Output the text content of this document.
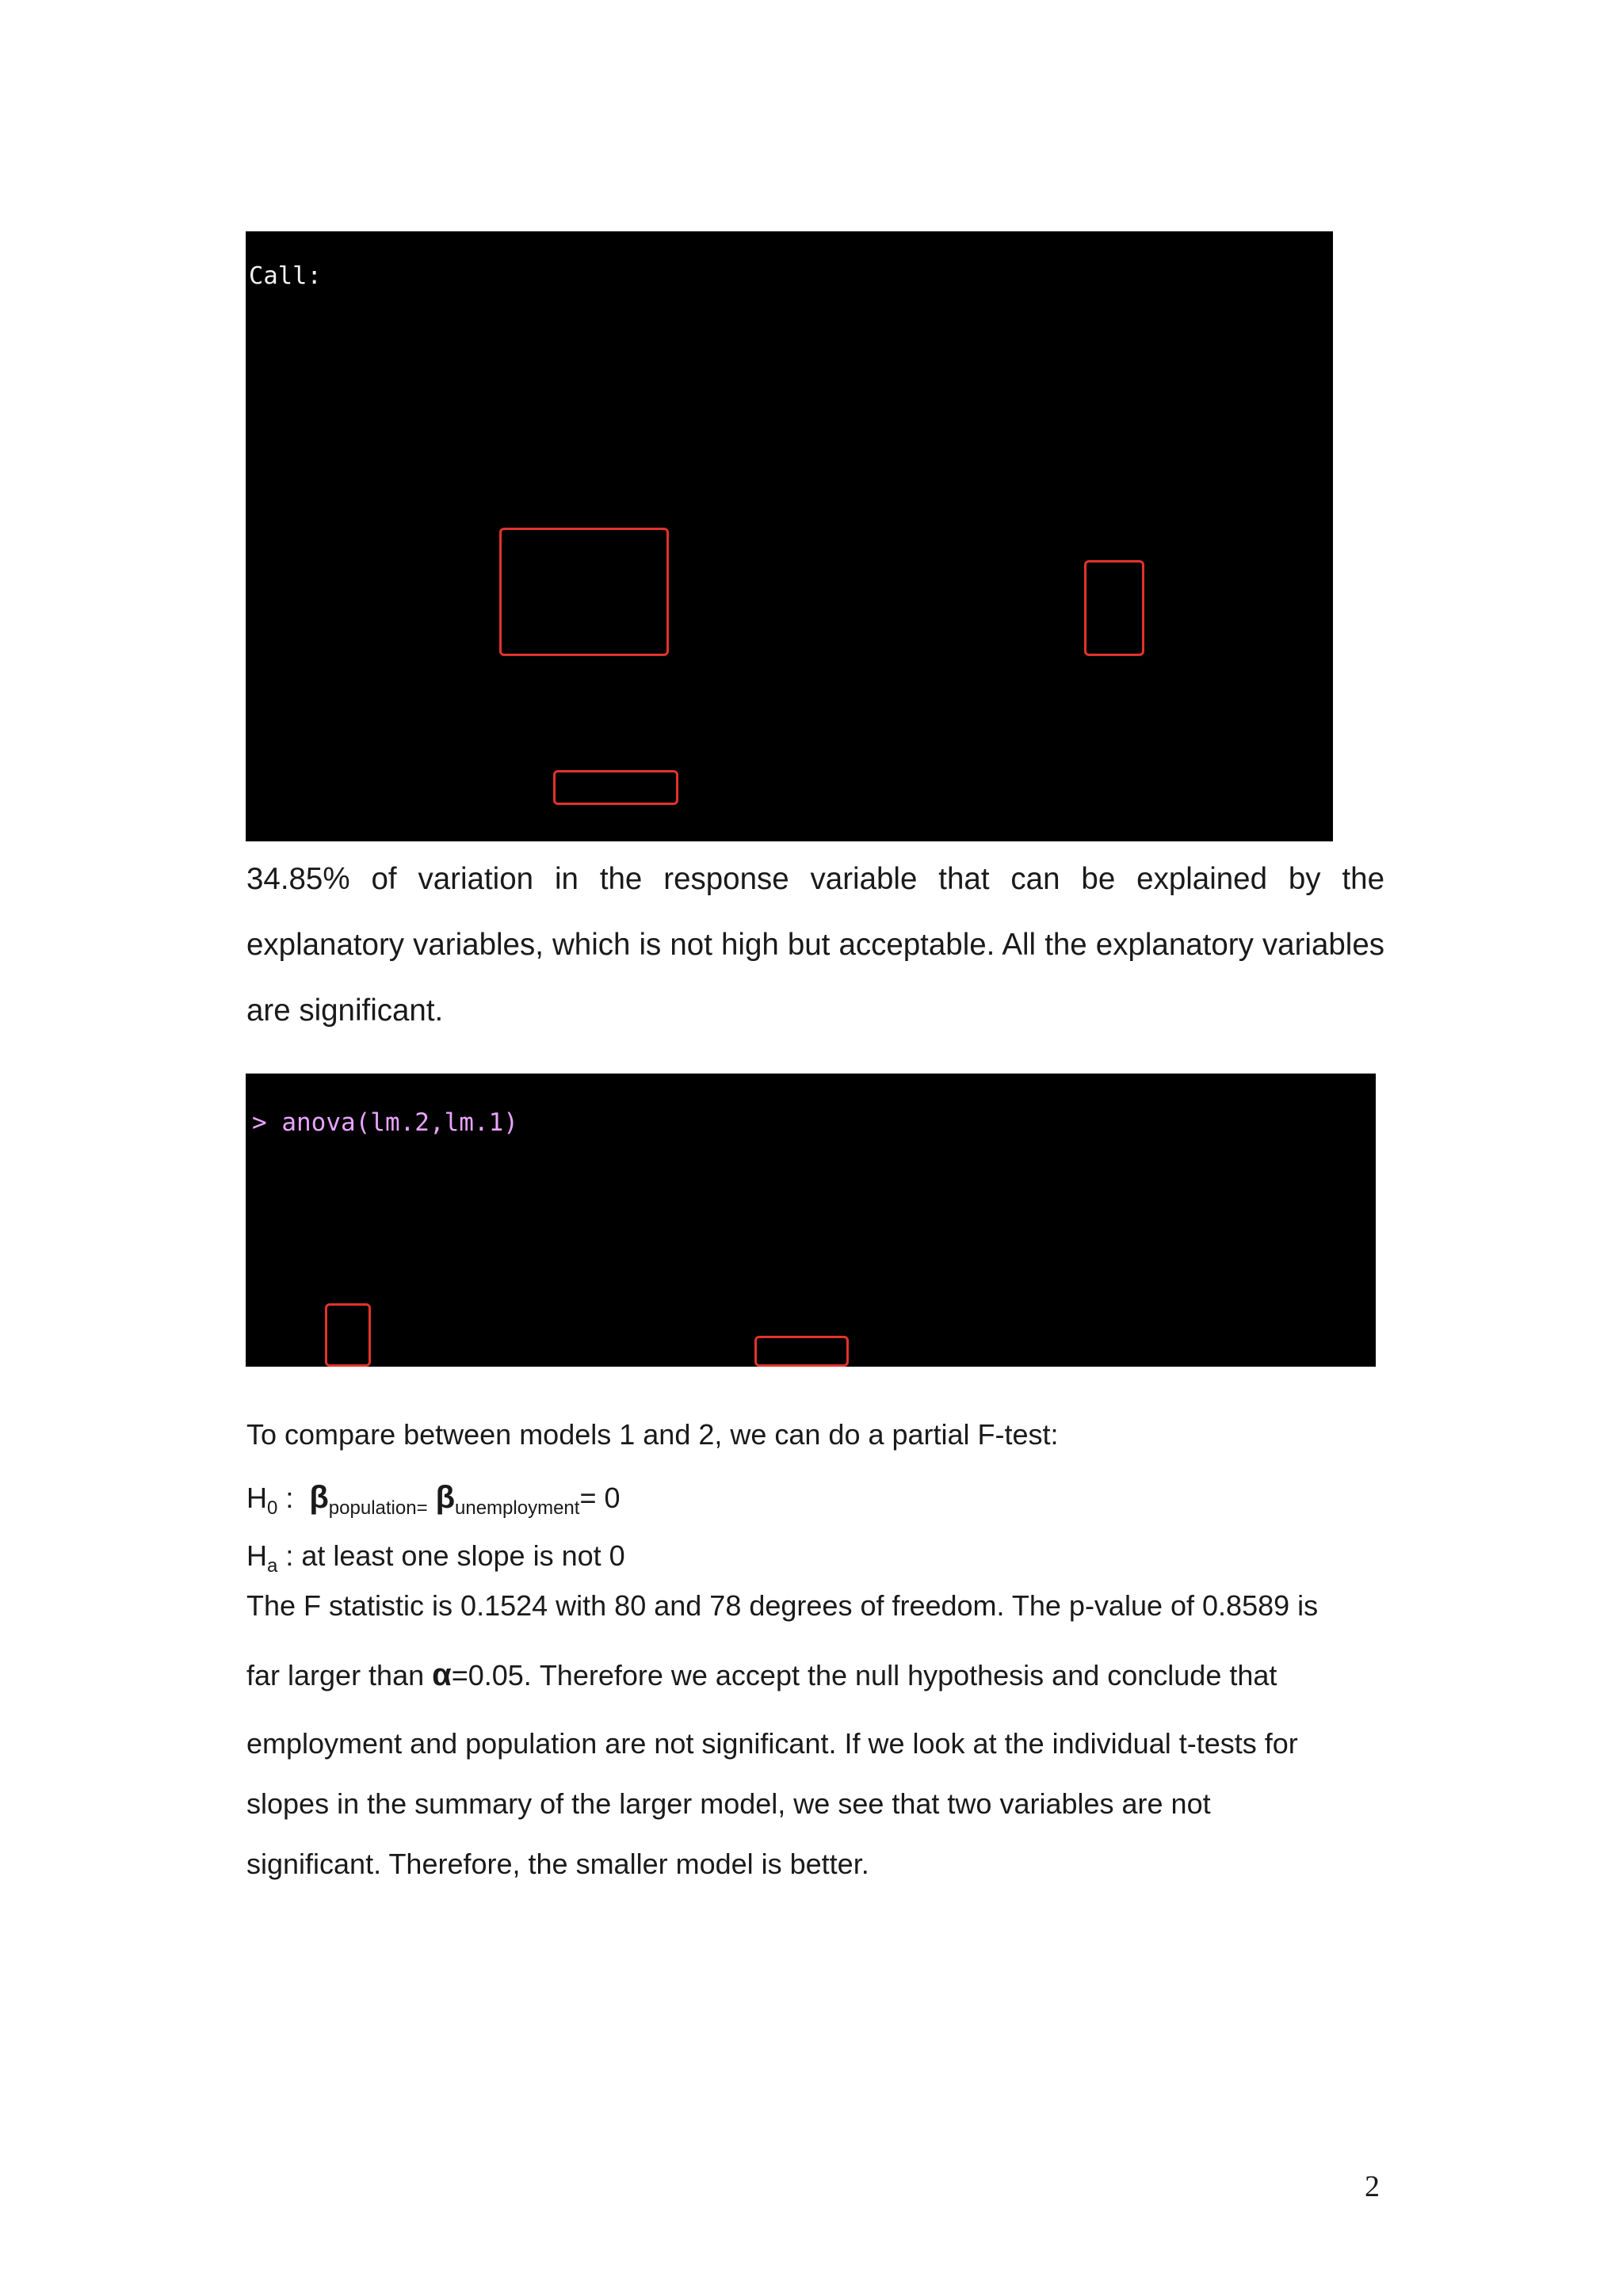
Call:

34.85% of variation in the response variable that can be explained by the explanatory variables, which is not high but acceptable. All the explanatory variables are significant.

> anova(lm.2,lm.1)

To compare between models 1 and 2, we can do a partial F-test:

$H_0$ :  $\beta_{population=}$ $\beta_{unemployment}= 0$

$H_a$ : at least one slope is not 0

The F statistic is 0.1524 with 80 and 78 degrees of freedom. The p-value of 0.8589 is

far larger than α=0.05. Therefore we accept the null hypothesis and conclude that

employment and population are not significant. If we look at the individual t-tests for

slopes in the summary of the larger model, we see that two variables are not

significant. Therefore, the smaller model is better.

2
